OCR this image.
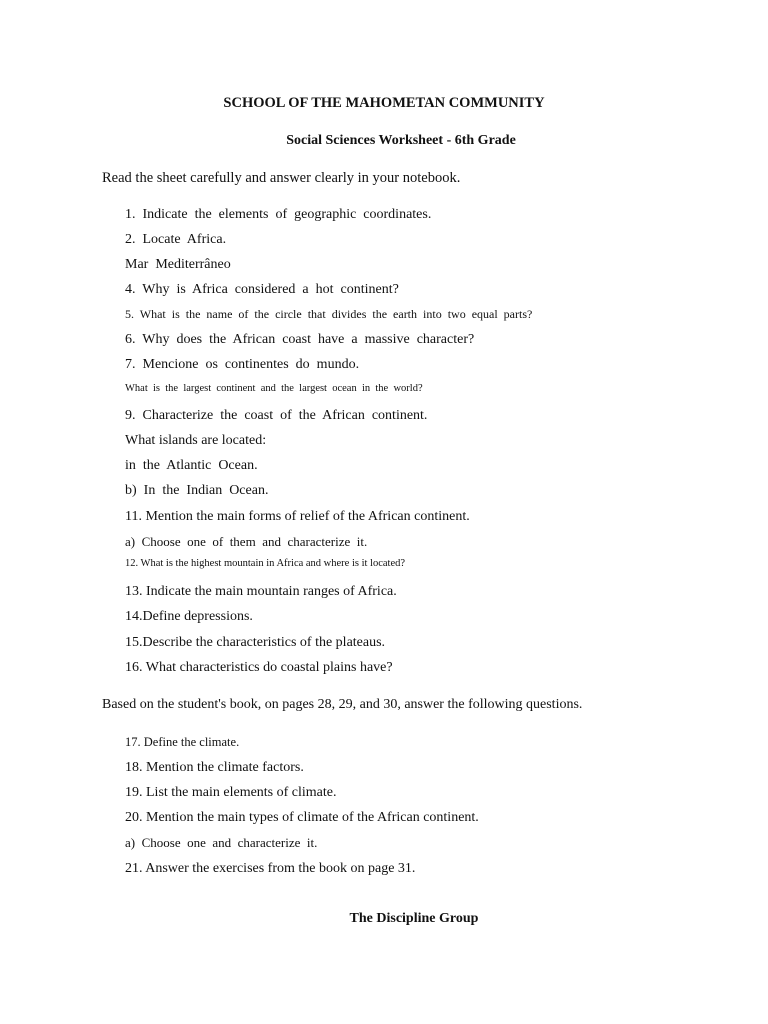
SCHOOL OF THE MAHOMETAN COMMUNITY
Social Sciences Worksheet - 6th Grade
Read the sheet carefully and answer clearly in your notebook.
1.  Indicate  the  elements  of  geographic  coordinates.
2.  Locate  Africa.
Mar  Mediterrâneo
4.  Why  is  Africa  considered  a  hot  continent?
5.  What  is  the  name  of  the  circle  that  divides  the  earth  into  two  equal  parts?
6.  Why  does  the  African  coast  have  a  massive  character?
7.  Mencione  os  continentes  do  mundo.
What  is  the  largest  continent  and  the  largest  ocean  in  the  world?
9.  Characterize  the  coast  of  the  African  continent.
What islands are located:
in  the  Atlantic  Ocean.
b)  In  the  Indian  Ocean.
11. Mention the main forms of relief of the African continent.
a)  Choose  one  of  them  and  characterize  it.
12. What is the highest mountain in Africa and where is it located?
13. Indicate the main mountain ranges of Africa.
14.Define depressions.
15.Describe the characteristics of the plateaus.
16. What characteristics do coastal plains have?
Based on the student's book, on pages 28, 29, and 30, answer the following questions.
17. Define the climate.
18. Mention the climate factors.
19. List the main elements of climate.
20. Mention the main types of climate of the African continent.
a)  Choose  one  and  characterize  it.
21. Answer the exercises from the book on page 31.
The Discipline Group
